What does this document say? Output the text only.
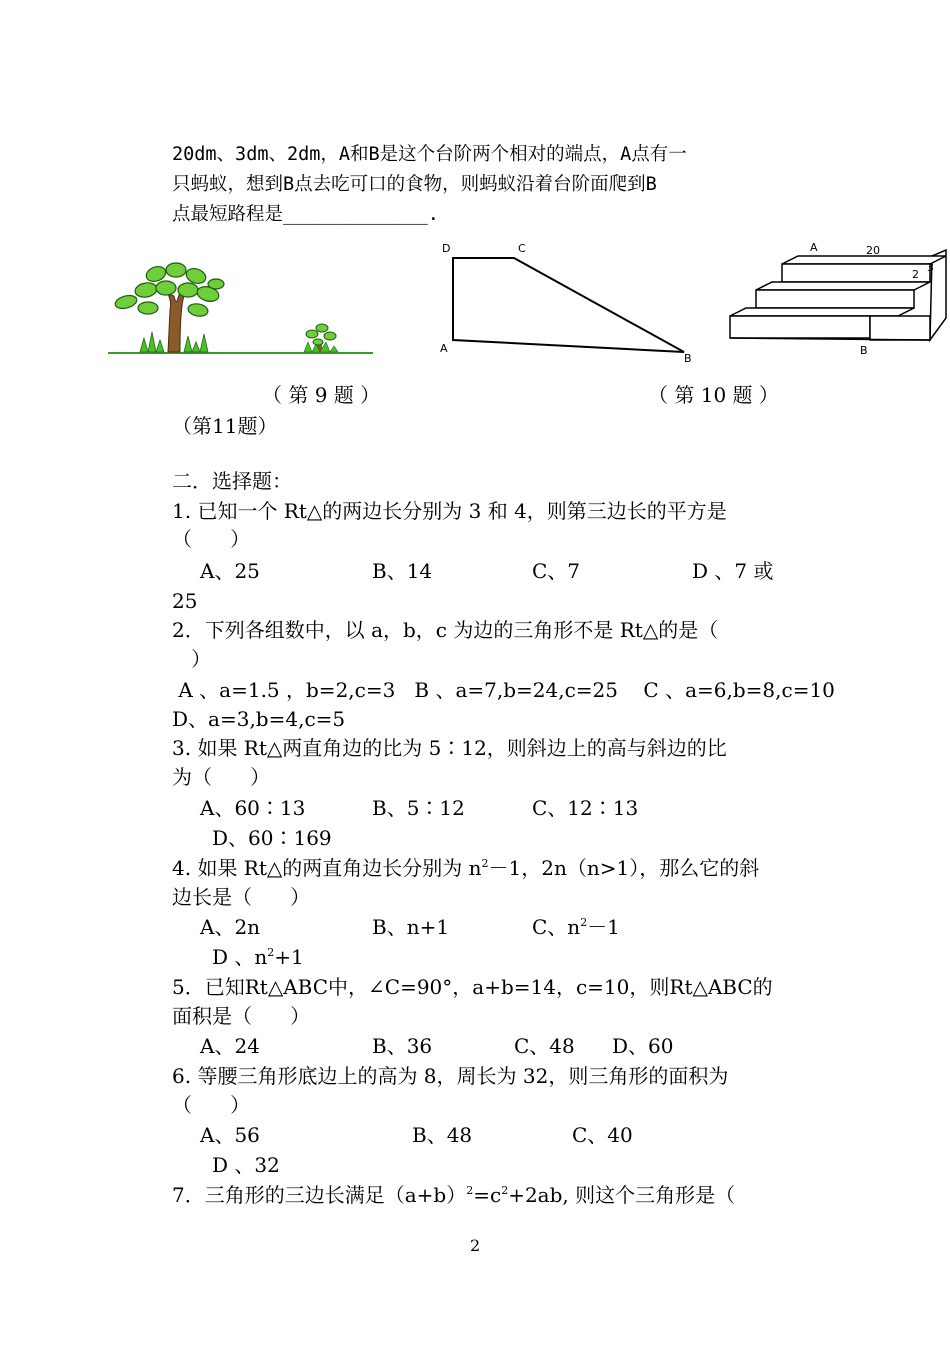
20dm、3dm、2dm，A和B是这个台阶两个相对的端点，A点有一
只蚂蚁，想到B点去吃可口的食物，则蚂蚁沿着台阶面爬到B
点最短路程是_____________.
D	C
A
B
A	20
2
3
B
（ 第 9 题 ）	（ 第 10 题 ）
（第11题）
二．选择题：
1. 已知一个 Rt△的两边长分别为 3 和 4，则第三边长的平方是
（      ）
A、25	B、14	C、7	D 、7 或
25
2．下列各组数中，以 a，b，c 为边的三角形不是 Rt△的是（
）
A 、a=1.5 ，b=2,c=3   B 、a=7,b=24,c=25    C 、a=6,b=8,c=10
D、a=3,b=4,c=5
3. 如果 Rt△两直角边的比为 5∶12，则斜边上的高与斜边的比
为（      ）
A、60∶13	B、5∶12	C、12∶13
D、60∶169
4. 如果 Rt△的两直角边长分别为 $n^2-1$，2n（n>1），那么它的斜
边长是（      ）
A、2n	B、n+1	C、$n^2-1$
D 、$n^2+1$
5．已知Rt△ABC中，∠C=90°，a+b=14，c=10，则Rt△ABC的
面积是（      ）
A、24	B、36	C、48 D、60
6. 等腰三角形底边上的高为 8，周长为 32，则三角形的面积为
（      ）
A、56	B、48	C、40
D 、32
7．三角形的三边长满足$(a+b)^2=c^2+2ab$, 则这个三角形是（
2
